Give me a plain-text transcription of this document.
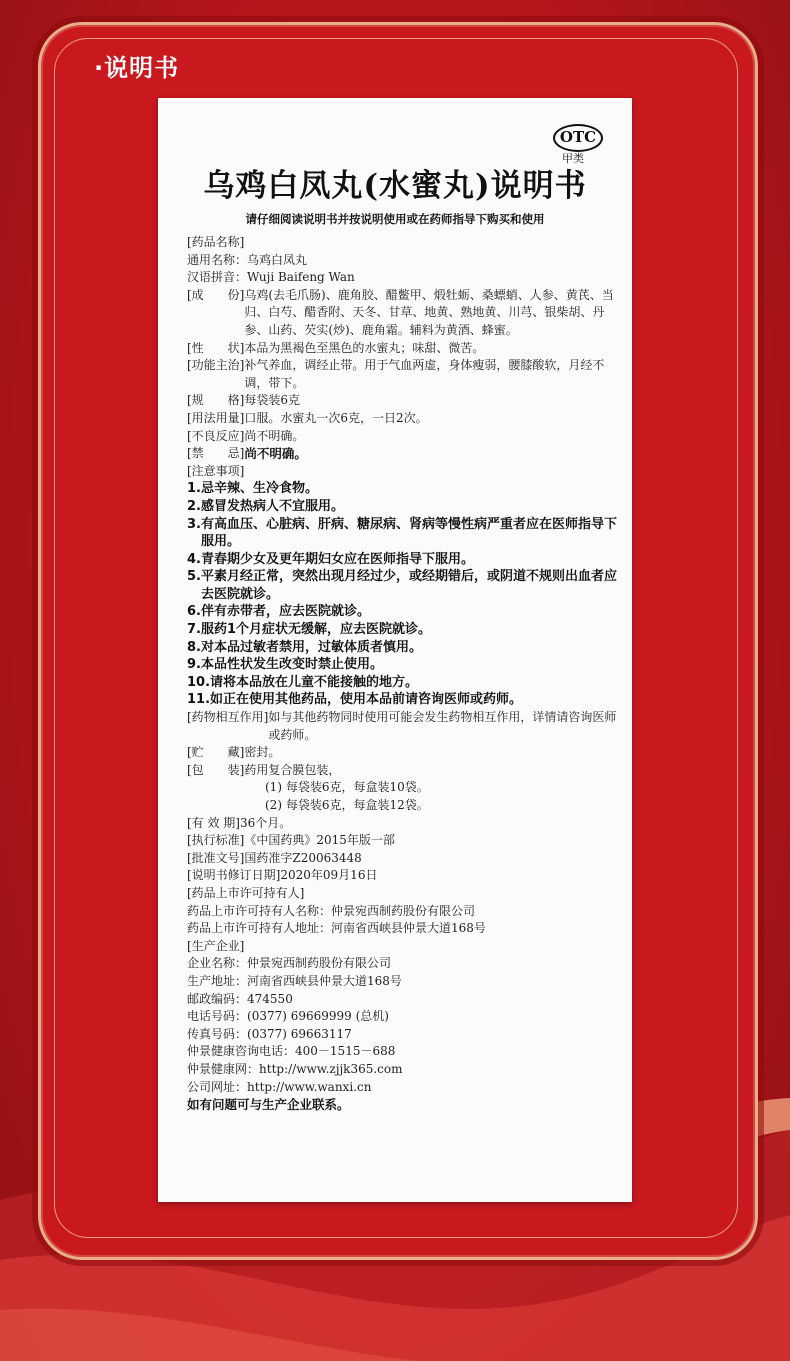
·说明书
OTC
甲类
乌鸡白凤丸(水蜜丸)说明书
请仔细阅读说明书并按说明使用或在药师指导下购买和使用
[药品名称]
通用名称： 乌鸡白凤丸
汉语拼音： Wuji Baifeng Wan
[成　　份] 乌鸡(去毛爪肠)、鹿角胶、醋鳖甲、煅牡蛎、桑螵蛸、人参、黄芪、当归、白芍、醋香附、天冬、甘草、地黄、熟地黄、川芎、银柴胡、丹参、山药、芡实(炒)、鹿角霜。辅料为黄酒、蜂蜜。
[性　　状] 本品为黑褐色至黑色的水蜜丸；味甜、微苦。
[功能主治] 补气养血，调经止带。用于气血两虚，身体瘦弱，腰膝酸软，月经不调，带下。
[规　　格] 每袋装6克
[用法用量] 口服。水蜜丸一次6克，一日2次。
[不良反应] 尚不明确。
[禁　　忌] 尚不明确。
[注意事项]
1. 忌辛辣、生冷食物。
2. 感冒发热病人不宜服用。
3. 有高血压、心脏病、肝病、糖尿病、肾病等慢性病严重者应在医师指导下服用。
4. 青春期少女及更年期妇女应在医师指导下服用。
5. 平素月经正常，突然出现月经过少，或经期错后，或阴道不规则出血者应去医院就诊。
6. 伴有赤带者，应去医院就诊。
7. 服药1个月症状无缓解，应去医院就诊。
8. 对本品过敏者禁用，过敏体质者慎用。
9. 本品性状发生改变时禁止使用。
10. 请将本品放在儿童不能接触的地方。
11. 如正在使用其他药品，使用本品前请咨询医师或药师。
[药物相互作用] 如与其他药物同时使用可能会发生药物相互作用，详情请咨询医师或药师。
[贮　　藏] 密封。
[包　　装] 药用复合膜包装，
(1) 每袋装6克，每盒装10袋。
(2) 每袋装6克，每盒装12袋。
[有 效 期] 36个月。
[执行标准] 《中国药典》2015年版一部
[批准文号] 国药准字Z20063448
[说明书修订日期] 2020年09月16日
[药品上市许可持有人]
药品上市许可持有人名称： 仲景宛西制药股份有限公司
药品上市许可持有人地址： 河南省西峡县仲景大道168号
[生产企业]
企业名称： 仲景宛西制药股份有限公司
生产地址： 河南省西峡县仲景大道168号
邮政编码： 474550
电话号码： (0377) 69669999 (总机)
传真号码： (0377) 69663117
仲景健康咨询电话： 400－1515－688
仲景健康网： http://www.zjjk365.com
公司网址： http://www.wanxi.cn
如有问题可与生产企业联系。
